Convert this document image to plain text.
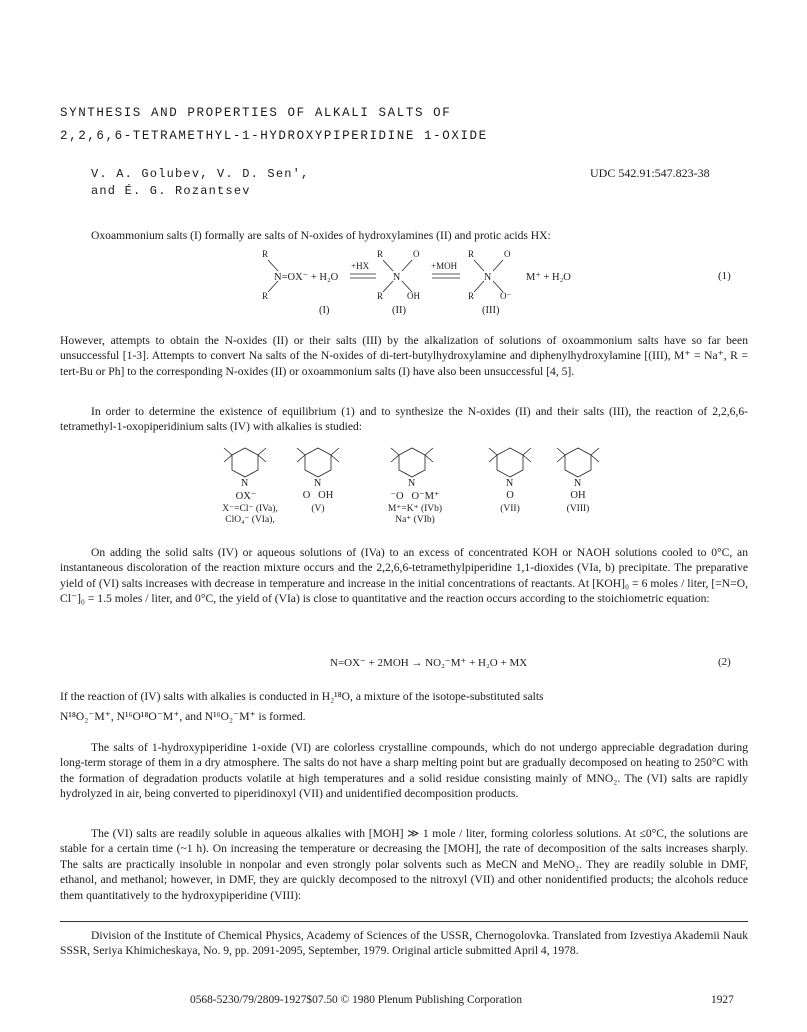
SYNTHESIS AND PROPERTIES OF ALKALI SALTS OF
2,2,6,6-TETRAMETHYL-1-HYDROXYPIPERIDINE 1-OXIDE
V. A. Golubev, V. D. Sen',
and É. G. Rozantsev
UDC 542.91:547.823-38
Oxoammonium salts (I) formally are salts of N-oxides of hydroxylamines (II) and protic acids HX:
R
R
R	O
R	OH
N
R	O
R	O⁻
N
N=OX⁻ + H₂O
+HX	+MOH
M⁺ + H₂O
(I)	(II)	(III)
(1)
However, attempts to obtain the N-oxides (II) or their salts (III) by the alkalization of solutions of oxoammonium salts have so far been unsuccessful [1-3]. Attempts to convert Na salts of the N-oxides of di-tert-butylhydroxylamine and diphenylhydroxylamine [(III), M⁺ = Na⁺, R = tert-Bu or Ph] to the corresponding N-oxides (II) or oxoammonium salts (I) have also been unsuccessful [4, 5].
In order to determine the existence of equilibrium (1) and to synthesize the N-oxides (II) and their salts (III), the reaction of 2,2,6,6-tetramethyl-1-oxopiperidinium salts (IV) with alkalies is studied:
N	N	N	N	N
OX⁻	O   OH	⁻O   O⁻M⁺	O	OH
X⁻=Cl⁻ (IVa),
ClO₄⁻ (VIa),
(V)	M⁺=K⁺ (IVb)
Na⁺ (VIb)
(VII)	(VIII)
On adding the solid salts (IV) or aqueous solutions of (IVa) to an excess of concentrated KOH or NAOH solutions cooled to 0°C, an instantaneous discoloration of the reaction mixture occurs and the 2,2,6,6-tetramethylpiperidine 1,1-dioxides (VIa, b) precipitate. The preparative yield of (VI) salts increases with decrease in temperature and increase in the initial concentrations of reactants. At [KOH]₀ = 6 moles / liter, [=N=O, Cl⁻]₀ = 1.5 moles / liter, and 0°C, the yield of (VIa) is close to quantitative and the reaction occurs according to the stoichiometric equation:
N=OX⁻ + 2MOH → NO₂⁻M⁺ + H₂O + MX	(2)

If the reaction of (IV) salts with alkalies is conducted in H₂¹⁸O, a mixture of the isotope-substituted salts

N¹⁸O₂⁻M⁺, N¹⁶O¹⁸O⁻M⁺, and N¹⁶O₂⁻M⁺ is formed.

The salts of 1-hydroxypiperidine 1-oxide (VI) are colorless crystalline compounds, which do not undergo appreciable degradation during long-term storage of them in a dry atmosphere. The salts do not have a sharp melting point but are gradually decomposed on heating to 250°C with the formation of degradation products volatile at high temperatures and a solid residue consisting mainly of MNO₂. The (VI) salts are rapidly hydrolyzed in air, being converted to piperidinoxyl (VII) and unidentified decomposition products.
The (VI) salts are readily soluble in aqueous alkalies with [MOH] ≫ 1 mole / liter, forming colorless solutions. At ≤0°C, the solutions are stable for a certain time (~1 h). On increasing the temperature or decreasing the [MOH], the rate of decomposition of the salts increases sharply. The salts are practically insoluble in nonpolar and even strongly polar solvents such as MeCN and MeNO₂. They are readily soluble in DMF, ethanol, and methanol; however, in DMF, they are quickly decomposed to the nitroxyl (VII) and other nonidentified products; the alcohols reduce them quantitatively to the hydroxypiperidine (VIII):
Division of the Institute of Chemical Physics, Academy of Sciences of the USSR, Chernogolovka. Translated from Izvestiya Akademii Nauk SSSR, Seriya Khimicheskaya, No. 9, pp. 2091-2095, September, 1979. Original article submitted April 4, 1978.
0568-5230/79/2809-1927$07.50 © 1980 Plenum Publishing Corporation	1927
